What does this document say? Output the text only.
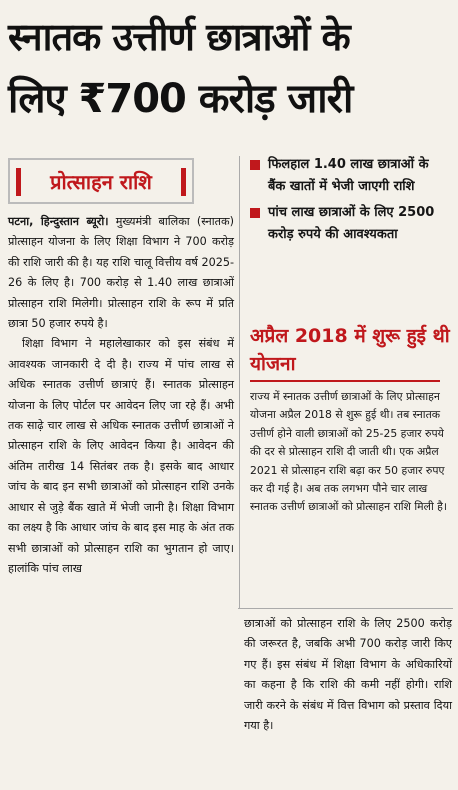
स्नातक उत्तीर्ण छात्राओं के
लिए ₹700 करोड़ जारी
प्रोत्साहन राशि

पटना, हिन्दुस्तान ब्यूरो। मुख्यमंत्री बालिका (स्नातक) प्रोत्साहन योजना के लिए शिक्षा विभाग ने 700 करोड़ की राशि जारी की है। यह राशि चालू वित्तीय वर्ष 2025-26 के लिए है। 700 करोड़ से 1.40 लाख छात्राओं प्रोत्साहन राशि मिलेगी। प्रोत्साहन राशि के रूप में प्रति छात्रा 50 हजार रुपये है।

शिक्षा विभाग ने महालेखाकार को इस संबंध में आवश्यक जानकारी दे दी है। राज्य में पांच लाख से अधिक स्नातक उत्तीर्ण छात्राएं हैं। स्नातक प्रोत्साहन योजना के लिए पोर्टल पर आवेदन लिए जा रहे हैं। अभी तक साढ़े चार लाख से अधिक स्नातक उत्तीर्ण छात्राओं ने प्रोत्साहन राशि के लिए आवेदन किया है। आवेदन की अंतिम तारीख 14 सितंबर तक है। इसके बाद आधार जांच के बाद इन सभी छात्राओं को प्रोत्साहन राशि उनके आधार से जुड़े बैंक खाते में भेजी जानी है। शिक्षा विभाग का लक्ष्य है कि आधार जांच के बाद इस माह के अंत तक सभी छात्राओं को प्रोत्साहन राशि का भुगतान हो जाए। हालांकि पांच लाख

फिलहाल 1.40 लाख छात्राओं के बैंक खातों में भेजी जाएगी राशि
पांच लाख छात्राओं के लिए 2500 करोड़ रुपये की आवश्यकता
अप्रैल 2018 में शुरू हुई थी योजना
राज्य में स्नातक उत्तीर्ण छात्राओं के लिए प्रोत्साहन योजना अप्रैल 2018 से शुरू हुई थी। तब स्नातक उत्तीर्ण होने वाली छात्राओं को 25-25 हजार रुपये की दर से प्रोत्साहन राशि दी जाती थी। एक अप्रैल 2021 से प्रोत्साहन राशि बढ़ा कर 50 हजार रुपए कर दी गई है। अब तक लगभग पौने चार लाख स्नातक उत्तीर्ण छात्राओं को प्रोत्साहन राशि मिली है।

छात्राओं को प्रोत्साहन राशि के लिए 2500 करोड़ की जरूरत है, जबकि अभी 700 करोड़ जारी किए गए हैं। इस संबंध में शिक्षा विभाग के अधिकारियों का कहना है कि राशि की कमी नहीं होगी। राशि जारी करने के संबंध में वित्त विभाग को प्रस्ताव दिया गया है।
